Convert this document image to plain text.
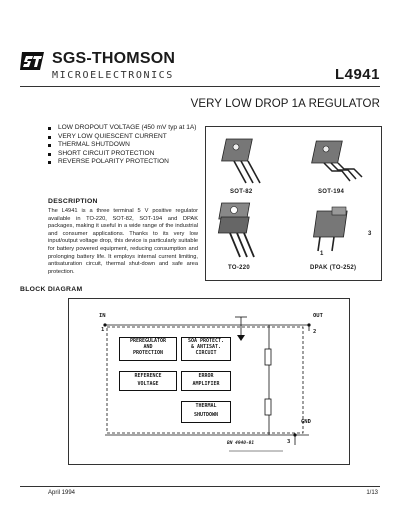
SGS-THOMSON
MICROELECTRONICS	L4941
VERY LOW DROP 1A REGULATOR
LOW DROPOUT VOLTAGE (450 mV typ at 1A)
VERY LOW QUIESCENT CURRENT
THERMAL SHUTDOWN
SHORT CIRCUIT PROTECTION
REVERSE POLARITY PROTECTION
SOT-82	SOT-194
TO-220
3
1
DPAK (TO-252)
DESCRIPTION
The L4941 is a three terminal 5 V positive regulator available in TO-220, SOT-82, SOT-194 and DPAK packages, making it useful in a wide range of the industrial and consumer applications. Thanks to its very low input/output voltage drop, this device is particularly suitable for battery powered equipment, reducing consumption and prolonging battery life. It employs internal current limiting, antisaturation circuit, thermal shut-down and safe area protection.
BLOCK DIAGRAM
IN
1
OUT
2
GND
3
PREREGULATOR
AND
PROTECTION
SOA PROTECT.
& ANTISAT.
CIRCUIT
REFERENCE
VOLTAGE
ERROR
AMPLIFIER
THERMAL
SHUTDOWN
BN 4940-01
April 1994	1/13
